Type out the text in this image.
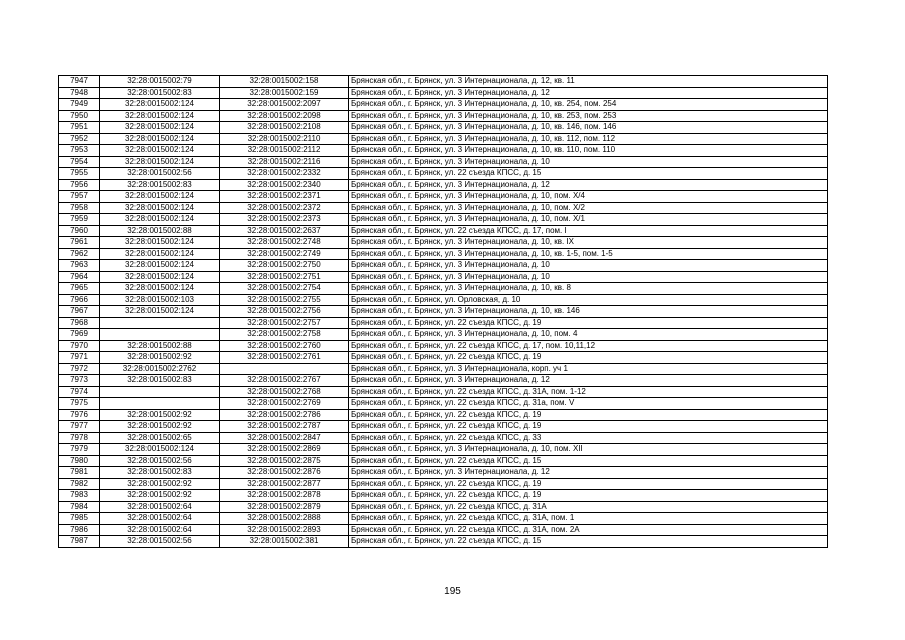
7947	32:28:0015002:79	32:28:0015002:158	Брянская обл., г. Брянск, ул. 3 Интернационала, д. 12, кв. 11
7948	32:28:0015002:83	32:28:0015002:159	Брянская обл., г. Брянск, ул. 3 Интернационала, д. 12
7949	32:28:0015002:124	32:28:0015002:2097	Брянская обл., г. Брянск, ул. 3 Интернационала, д. 10, кв. 254, пом. 254
7950	32:28:0015002:124	32:28:0015002:2098	Брянская обл., г. Брянск, ул. 3 Интернационала, д. 10, кв. 253, пом. 253
7951	32:28:0015002:124	32:28:0015002:2108	Брянская обл., г. Брянск, ул. 3 Интернационала, д. 10, кв. 146, пом. 146
7952	32:28:0015002:124	32:28:0015002:2110	Брянская обл., г. Брянск, ул. 3 Интернационала, д. 10, кв. 112, пом. 112
7953	32:28:0015002:124	32:28:0015002:2112	Брянская обл., г. Брянск, ул. 3 Интернационала, д. 10, кв. 110, пом. 110
7954	32:28:0015002:124	32:28:0015002:2116	Брянская обл., г. Брянск, ул. 3 Интернационала, д. 10
7955	32:28:0015002:56	32:28:0015002:2332	Брянская обл., г. Брянск, ул. 22 съезда КПСС, д. 15
7956	32:28:0015002:83	32:28:0015002:2340	Брянская обл., г. Брянск, ул. 3 Интернационала, д. 12
7957	32:28:0015002:124	32:28:0015002:2371	Брянская обл., г. Брянск, ул. 3 Интернационала, д. 10, пом. Х/4
7958	32:28:0015002:124	32:28:0015002:2372	Брянская обл., г. Брянск, ул. 3 Интернационала, д. 10, пом. Х/2
7959	32:28:0015002:124	32:28:0015002:2373	Брянская обл., г. Брянск, ул. 3 Интернационала, д. 10, пом. Х/1
7960	32:28:0015002:88	32:28:0015002:2637	Брянская обл., г. Брянск, ул. 22 съезда КПСС, д. 17, пом. I
7961	32:28:0015002:124	32:28:0015002:2748	Брянская обл., г. Брянск, ул. 3 Интернационала, д. 10, кв. IX
7962	32:28:0015002:124	32:28:0015002:2749	Брянская обл., г. Брянск, ул. 3 Интернационала, д. 10, кв. 1-5, пом. 1-5
7963	32:28:0015002:124	32:28:0015002:2750	Брянская обл., г. Брянск, ул. 3 Интернационала, д. 10
7964	32:28:0015002:124	32:28:0015002:2751	Брянская обл., г. Брянск, ул. 3 Интернационала, д. 10
7965	32:28:0015002:124	32:28:0015002:2754	Брянская обл., г. Брянск, ул. 3 Интернационала, д. 10, кв. 8
7966	32:28:0015002:103	32:28:0015002:2755	Брянская обл., г. Брянск, ул. Орловская, д. 10
7967	32:28:0015002:124	32:28:0015002:2756	Брянская обл., г. Брянск, ул. 3 Интернационала, д. 10, кв. 146
7968		32:28:0015002:2757	Брянская обл., г. Брянск, ул. 22 съезда КПСС, д. 19
7969		32:28:0015002:2758	Брянская обл., г. Брянск, ул. 3 Интернационала, д. 10, пом. 4
7970	32:28:0015002:88	32:28:0015002:2760	Брянская обл., г. Брянск, ул. 22 съезда КПСС, д. 17, пом. 10,11,12
7971	32:28:0015002:92	32:28:0015002:2761	Брянская обл., г. Брянск, ул. 22 съезда КПСС, д. 19
7972	32:28:0015002:2762		Брянская обл., г. Брянск, ул. 3 Интернационала, корп. уч 1
7973	32:28:0015002:83	32:28:0015002:2767	Брянская обл., г. Брянск, ул. 3 Интернационала, д. 12
7974		32:28:0015002:2768	Брянская обл., г. Брянск, ул. 22 съезда КПСС, д. 31А, пом. 1-12
7975		32:28:0015002:2769	Брянская обл., г. Брянск, ул. 22 съезда КПСС, д. 31а, пом. V
7976	32:28:0015002:92	32:28:0015002:2786	Брянская обл., г. Брянск, ул. 22 съезда КПСС, д. 19
7977	32:28:0015002:92	32:28:0015002:2787	Брянская обл., г. Брянск, ул. 22 съезда КПСС, д. 19
7978	32:28:0015002:65	32:28:0015002:2847	Брянская обл., г. Брянск, ул. 22 съезда КПСС, д. 33
7979	32:28:0015002:124	32:28:0015002:2869	Брянская обл., г. Брянск, ул. 3 Интернационала, д. 10, пом. XII
7980	32:28:0015002:56	32:28:0015002:2875	Брянская обл., г. Брянск, ул. 22 съезда КПСС, д. 15
7981	32:28:0015002:83	32:28:0015002:2876	Брянская обл., г. Брянск, ул. 3 Интернационала, д. 12
7982	32:28:0015002:92	32:28:0015002:2877	Брянская обл., г. Брянск, ул. 22 съезда КПСС, д. 19
7983	32:28:0015002:92	32:28:0015002:2878	Брянская обл., г. Брянск, ул. 22 съезда КПСС, д. 19
7984	32:28:0015002:64	32:28:0015002:2879	Брянская обл., г. Брянск, ул. 22 съезда КПСС, д. 31А
7985	32:28:0015002:64	32:28:0015002:2888	Брянская обл., г. Брянск, ул. 22 съезда КПСС, д. 31А, пом. 1
7986	32:28:0015002:64	32:28:0015002:2893	Брянская обл., г. Брянск, ул. 22 съезда КПСС, д. 31А, пом. 2А
7987	32:28:0015002:56	32:28:0015002:381	Брянская обл., г. Брянск, ул. 22 съезда КПСС, д. 15
195
